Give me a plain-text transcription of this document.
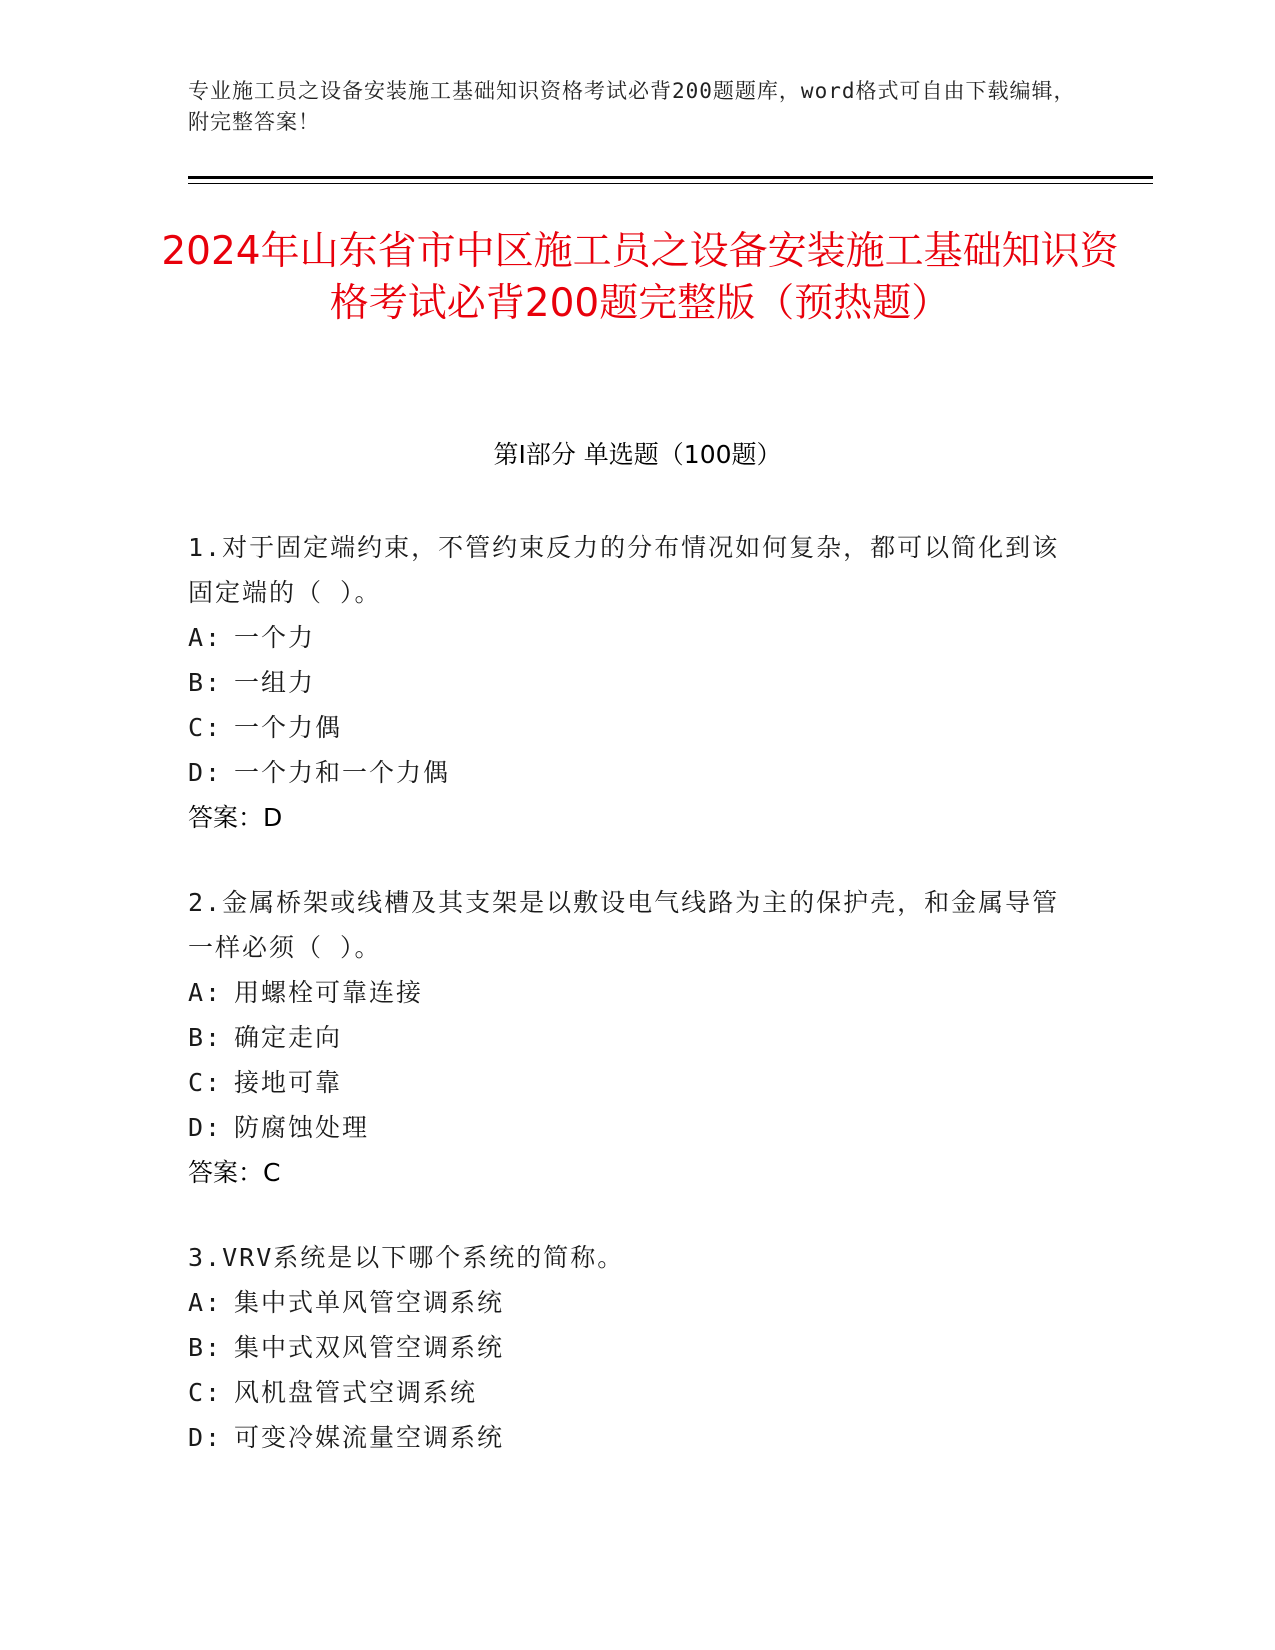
专业施工员之设备安装施工基础知识资格考试必背200题题库，word格式可自由下载编辑，附完整答案！
2024年山东省市中区施工员之设备安装施工基础知识资格考试必背200题完整版（预热题）
第Ⅰ部分 单选题（100题）
1.对于固定端约束，不管约束反力的分布情况如何复杂，都可以简化到该固定端的（ ）。
A: 一个力
B: 一组力
C: 一个力偶
D: 一个力和一个力偶
答案：D
2.金属桥架或线槽及其支架是以敷设电气线路为主的保护壳，和金属导管一样必须（ ）。
A: 用螺栓可靠连接
B: 确定走向
C: 接地可靠
D: 防腐蚀处理
答案：C
3.VRV系统是以下哪个系统的简称。
A: 集中式单风管空调系统
B: 集中式双风管空调系统
C: 风机盘管式空调系统
D: 可变冷媒流量空调系统
